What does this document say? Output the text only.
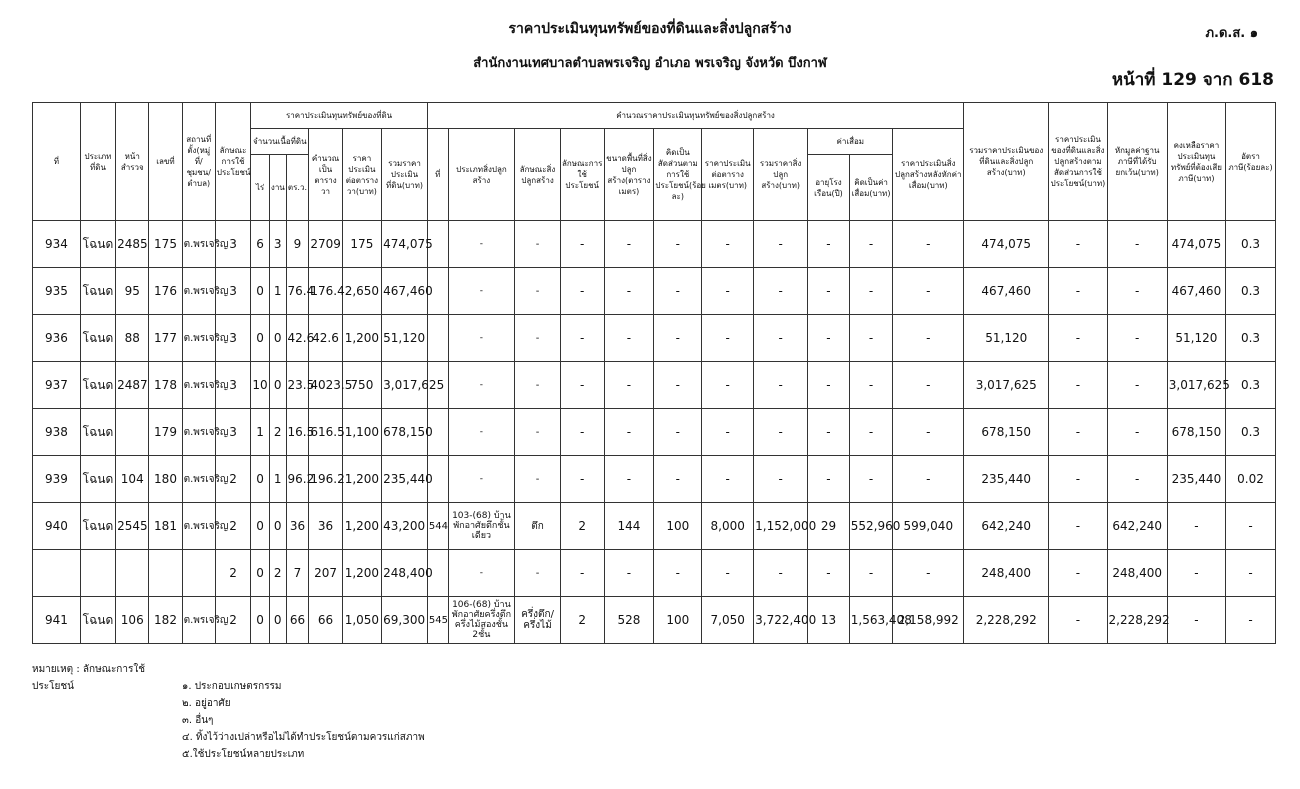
ราคาประเมินทุนทรัพย์ของที่ดินและสิ่งปลูกสร้าง
สำนักงานเทศบาลตำบลพรเจริญ อำเภอ พรเจริญ จังหวัด บึงกาฬ
ภ.ด.ส. ๑
หน้าที่ 129 จาก 618
ที่	ประเภทที่ดิน	หน้าสำรวจ	เลขที่	สถานที่ตั้ง(หมู่ที่/ชุมชน/ตำบล)	ลักษณะการใช้ประโยชน์	ราคาประเมินทุนทรัพย์ของที่ดิน						คำนวณราคาประเมินทุนทรัพย์ของสิ่งปลูกสร้าง											รวมราคาประเมินของที่ดินและสิ่งปลูกสร้าง(บาท)	ราคาประเมินของที่ดินและสิ่งปลูกสร้างตามสัดส่วนการใช้ประโยชน์(บาท)	หักมูลค่าฐานภาษีที่ได้รับยกเว้น(บาท)	คงเหลือราคาประเมินทุนทรัพย์ที่ต้องเสียภาษี(บาท)	อัตราภาษี(ร้อยละ)
						จำนวนเนื้อที่ดิน			คำนวณเป็นตารางวา	ราคาประเมินต่อตารางวา(บาท)	รวมราคาประเมินที่ดิน(บาท)	ที่	ประเภทสิ่งปลูกสร้าง	ลักษณะสิ่งปลูกสร้าง	ลักษณะการใช้ประโยชน์	ขนาดพื้นที่สิ่งปลูกสร้าง(ตารางเมตร)	คิดเป็นสัดส่วนตามการใช้ประโยชน์(ร้อยละ)	ราคาประเมินต่อตารางเมตร(บาท)	รวมราคาสิ่งปลูกสร้าง(บาท)	ค่าเสื่อม		ราคาประเมินสิ่งปลูกสร้างหลังหักค่าเสื่อม(บาท)					
						ไร่	งาน	ตร.ว.												อายุโรงเรือน(ปี)	คิดเป็นค่าเสื่อม(บาท)						
934	โฉนด	2485	175	ต.พรเจริญ	3	6	3	9	2709	175	474,075		-	-	-	-	-	-	-	-	-	-	474,075	-	-	474,075	0.3
935	โฉนด	95	176	ต.พรเจริญ	3	0	1	76.4	176.4	2,650	467,460		-	-	-	-	-	-	-	-	-	-	467,460	-	-	467,460	0.3
936	โฉนด	88	177	ต.พรเจริญ	3	0	0	42.6	42.6	1,200	51,120		-	-	-	-	-	-	-	-	-	-	51,120	-	-	51,120	0.3
937	โฉนด	2487	178	ต.พรเจริญ	3	10	0	23.5	4023.5	750	3,017,625		-	-	-	-	-	-	-	-	-	-	3,017,625	-	-	3,017,625	0.3
938	โฉนด		179	ต.พรเจริญ	3	1	2	16.5	616.5	1,100	678,150		-	-	-	-	-	-	-	-	-	-	678,150	-	-	678,150	0.3
939	โฉนด	104	180	ต.พรเจริญ	2	0	1	96.2	196.2	1,200	235,440		-	-	-	-	-	-	-	-	-	-	235,440	-	-	235,440	0.02
940	โฉนด	2545	181	ต.พรเจริญ	2	0	0	36	36	1,200	43,200	544	103-(68) บ้านพักอาศัยตึกชั้นเดียว	ตึก	2	144	100	8,000	1,152,000	29	552,960	599,040	642,240	-	642,240	-	-
					2	0	2	7	207	1,200	248,400		-	-	-	-	-	-	-	-	-	-	248,400	-	248,400	-	-
941	โฉนด	106	182	ต.พรเจริญ	2	0	0	66	66	1,050	69,300	545	106-(68) บ้านพักอาศัยครึ่งตึกครึ่งไม้สองชั้น 2ชั้น	ครึ่งตึก/ครึ่งไม้	2	528	100	7,050	3,722,400	13	1,563,408	2,158,992	2,228,292	-	2,228,292	-	-
หมายเหตุ : ลักษณะการใช้ประโยชน์	๑. ประกอบเกษตรกรรม
๒. อยู่อาศัย
๓. อื่นๆ
๔. ทิ้งไว้ว่างเปล่าหรือไม่ได้ทำประโยชน์ตามควรแก่สภาพ
๕.ใช้ประโยชน์หลายประเภท
